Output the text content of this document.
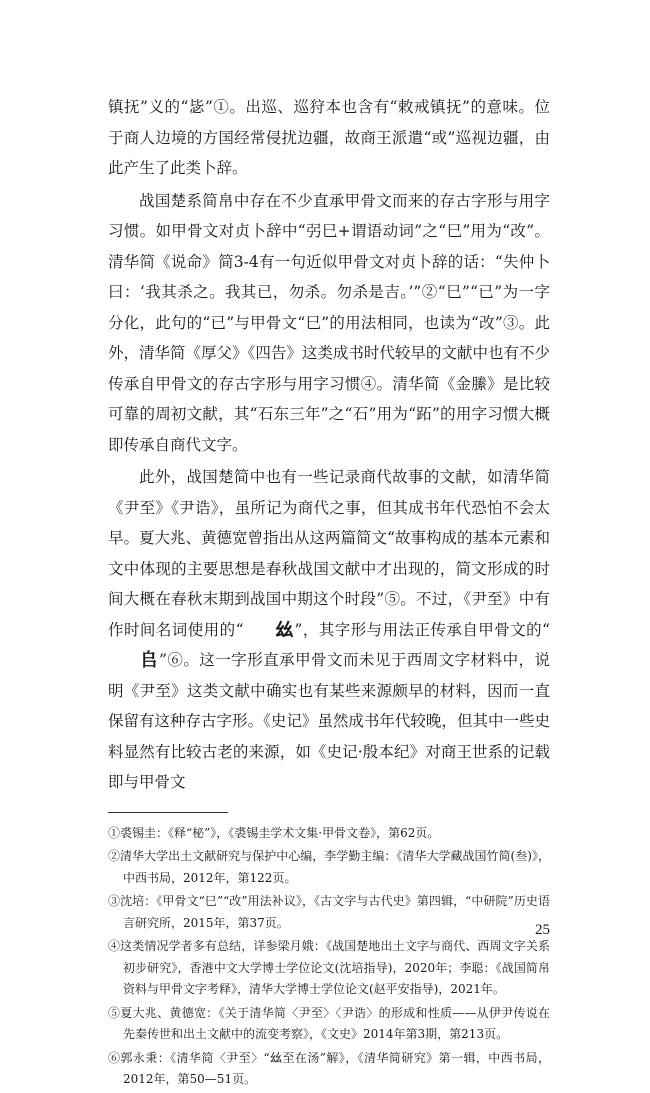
镇抚”义的“毖”①。出巡、巡狩本也含有“敕戒镇抚”的意味。位于商人边境的方国经常侵扰边疆，故商王派遣“或”巡视边疆，由此产生了此类卜辞。

战国楚系简帛中存在不少直承甲骨文而来的存古字形与用字习惯。如甲骨文对贞卜辞中“弜巳+谓语动词”之“巳”用为“改”。清华简《说命》简3-4有一句近似甲骨文对贞卜辞的话：“失仲卜曰：‘我其杀之。我其已，勿杀。勿杀是吉。’”②“巳”“已”为一字分化，此句的“已”与甲骨文“巳”的用法相同，也读为“改”③。此外，清华简《厚父》《四告》这类成书时代较早的文献中也有不少传承自甲骨文的存古字形与用字习惯④。清华简《金縢》是比较可靠的周初文献，其“石东三年”之“石”用为“跖”的用字习惯大概即传承自商代文字。

此外，战国楚简中也有一些记录商代故事的文献，如清华简《尹至》《尹诰》，虽所记为商代之事，但其成书年代恐怕不会太早。夏大兆、黄德宽曾指出从这两篇简文“故事构成的基本元素和文中体现的主要思想是春秋战国文献中才出现的，简文形成的时间大概在春秋末期到战国中期这个时段”⑤。不过，《尹至》中有作时间名词使用的“ 𢆶”，其字形与用法正传承自甲骨文的“𠂤”⑥。这一字形直承甲骨文而未见于西周文字材料中，说明《尹至》这类文献中确实也有某些来源颇早的材料，因而一直保留有这种存古字形。《史记》虽然成书年代较晚，但其中一些史料显然有比较古老的来源，如《史记·殷本纪》对商王世系的记载即与甲骨文

①裘锡圭：《释“柲”》，《裘锡圭学术文集·甲骨文卷》，第62页。
②清华大学出土文献研究与保护中心编，李学勤主编：《清华大学藏战国竹简(叁)》，中西书局，2012年，第122页。
③沈培：《甲骨文“巳”“改”用法补议》，《古文字与古代史》第四辑，“中研院”历史语言研究所，2015年，第37页。
④这类情况学者多有总结，详参梁月娥：《战国楚地出土文字与商代、西周文字关系初步研究》，香港中文大学博士学位论文(沈培指导)，2020年；李聪：《战国简帛资料与甲骨文字考释》，清华大学博士学位论文(赵平安指导)，2021年。
⑤夏大兆、黄德宽：《关于清华简〈尹至〉〈尹诰〉的形成和性质——从伊尹传说在先秦传世和出土文献中的流变考察》，《文史》2014年第3期，第213页。
⑥郭永秉：《清华简〈尹至〉“𢆶至在汤”解》，《清华简研究》第一辑，中西书局，2012年，第50—51页。
25
